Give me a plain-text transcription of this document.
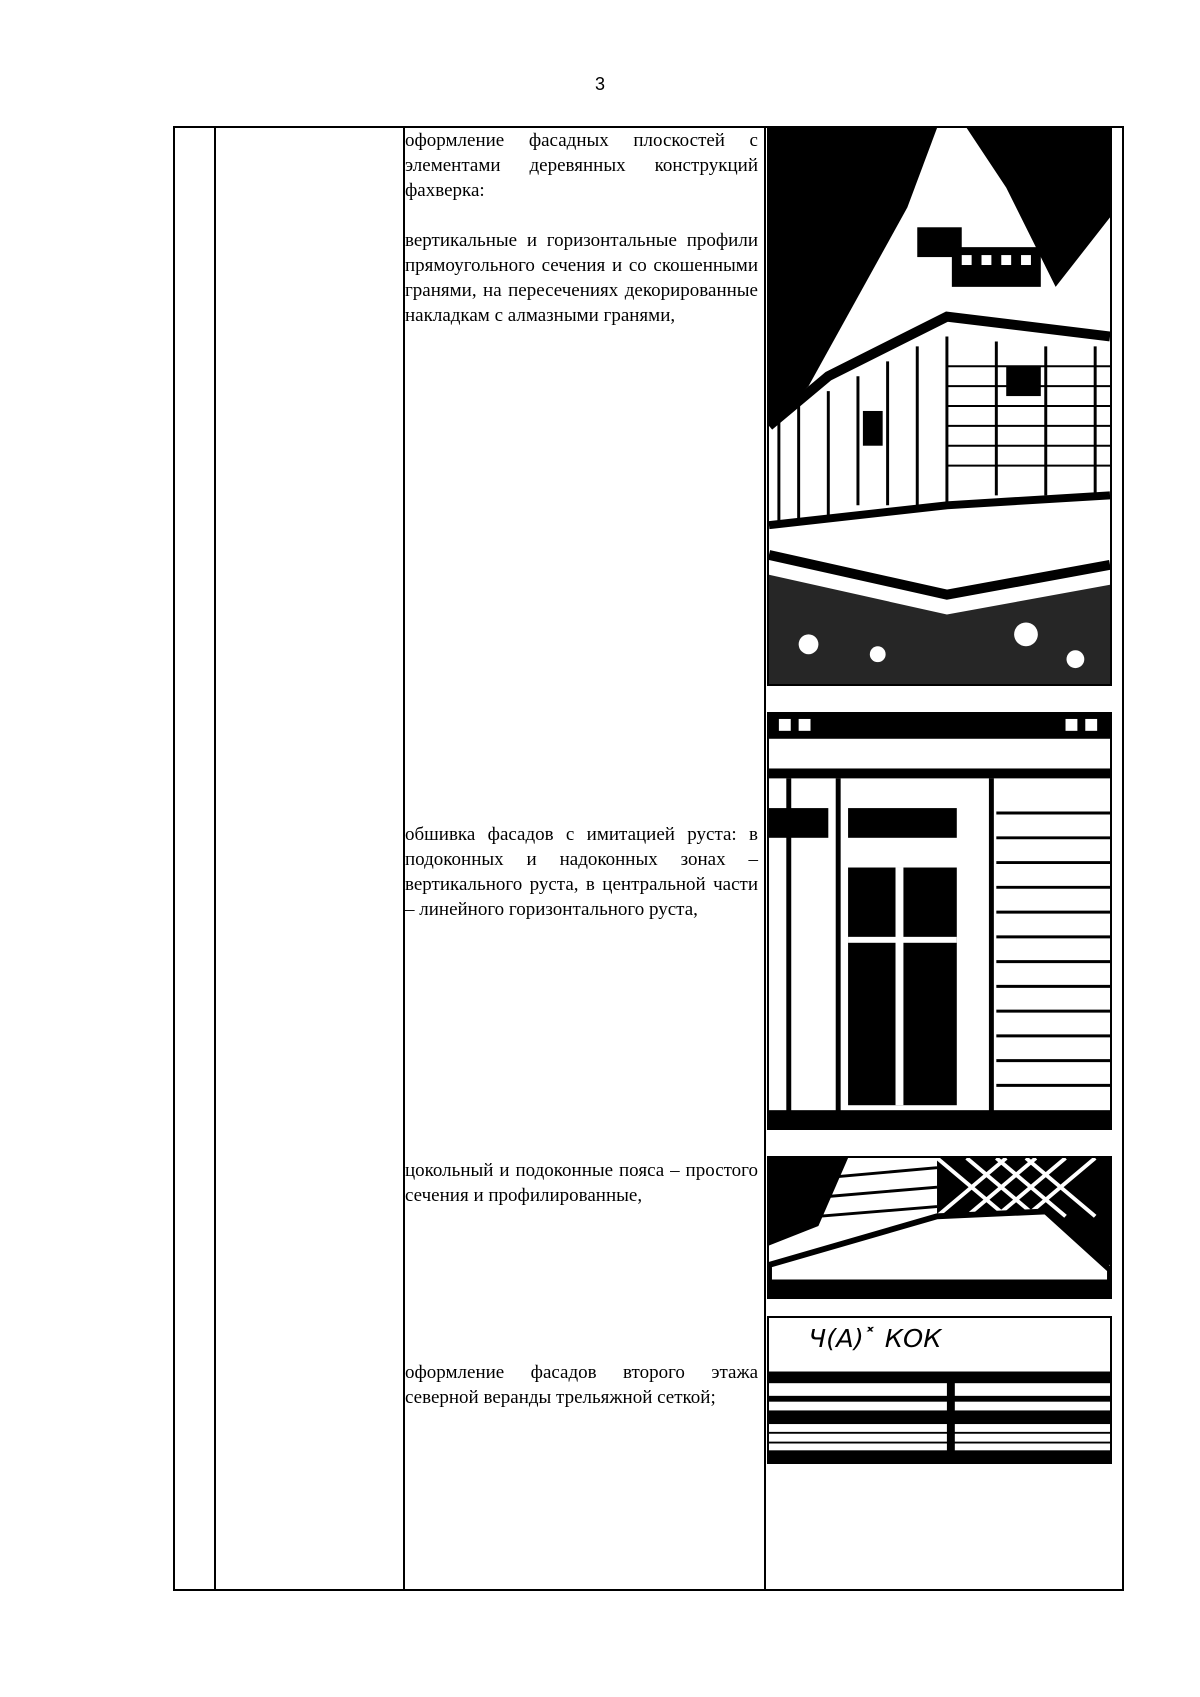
3
оформление фасадных плоскостей с элементами деревянных конструкций фахверка:
вертикальные и горизонтальные профили прямоугольного сечения и со скошенными гранями, на пересечениях декорированные накладкам с алмазными гранями,
обшивка фасадов с имитацией руста: в подоконных и надоконных зонах – вертикального руста, в центральной части – линейного горизонтального руста,
цокольный и подоконные пояса – простого сечения и профилированные,
оформление фасадов второго этажа северной веранды трельяжной сеткой;
Ч(А)˟ КОК
